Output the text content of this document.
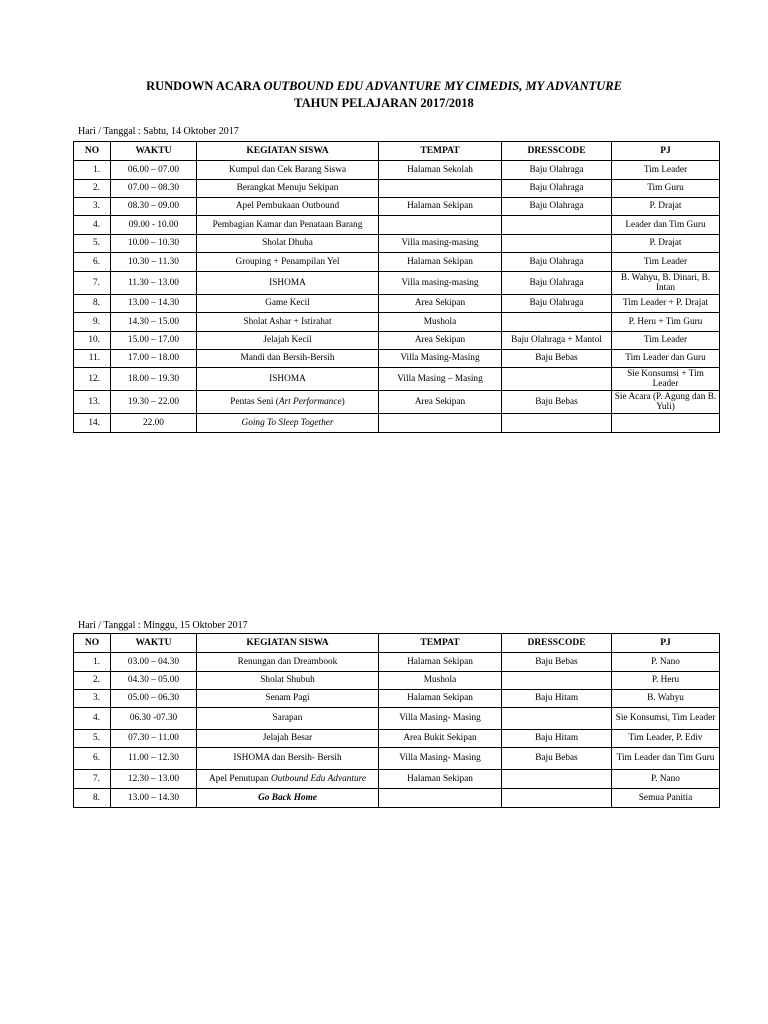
RUNDOWN ACARA OUTBOUND EDU ADVANTURE MY CIMEDIS, MY ADVANTURE
TAHUN PELAJARAN 2017/2018
Hari / Tanggal : Sabtu, 14 Oktober 2017
NO	WAKTU	KEGIATAN SISWA	TEMPAT	DRESSCODE	PJ
1.	06.00 – 07.00	Kumpul dan Cek Barang Siswa	Halaman Sekolah	Baju Olahraga	Tim Leader
2.	07.00 – 08.30	Berangkat Menuju Sekipan		Baju Olahraga	Tim Guru
3.	08.30 – 09.00	Apel Pembukaan Outbound	Halaman Sekipan	Baju Olahraga	P. Drajat
4.	09.00 - 10.00	Pembagian Kamar dan Penataan Barang			Leader dan Tim Guru
5.	10.00 – 10.30	Sholat Dhuha	Villa masing-masing		P. Drajat
6.	10.30 – 11.30	Grouping + Penampilan Yel	Halaman Sekipan	Baju Olahraga	Tim Leader
7.	11.30 – 13.00	ISHOMA	Villa masing-masing	Baju Olahraga	B. Wahyu, B. Dinari, B. Intan
8.	13.00 – 14.30	Game Kecil	Area Sekipan	Baju Olahraga	Tim Leader + P. Drajat
9.	14.30 – 15.00	Sholat Ashar + Istirahat	Mushola		P. Heru + Tim Guru
10.	15.00 – 17.00	Jelajah Kecil	Area Sekipan	Baju Olahraga + Mantol	Tim Leader
11.	17.00 – 18.00	Mandi dan Bersih-Bersih	Villa Masing-Masing	Baju Bebas	Tim Leader dan Guru
12.	18.00 – 19.30	ISHOMA	Villa Masing – Masing		Sie Konsumsi + Tim Leader
13.	19.30 – 22.00	Pentas Seni (Art Performance)	Area Sekipan	Baju Bebas	Sie Acara (P. Agung dan B. Yuli)
14.	22.00	Going To Sleep Together			
Hari / Tanggal : Minggu, 15 Oktober 2017
NO	WAKTU	KEGIATAN SISWA	TEMPAT	DRESSCODE	PJ
1.	03.00 – 04.30	Renungan dan Dreambook	Halaman Sekipan	Baju Bebas	P. Nano
2.	04.30 – 05.00	Sholat Shubuh	Mushola		P. Heru
3.	05.00 – 06.30	Senam Pagi	Halaman Sekipan	Baju Hitam	B. Wahyu
4.	06.30 -07.30	Sarapan	Villa Masing- Masing		Sie Konsumsi, Tim Leader
5.	07.30 – 11.00	Jelajah Besar	Area Bukit Sekipan	Baju Hitam	Tim Leader, P. Ediv
6.	11.00 – 12.30	ISHOMA dan Bersih- Bersih	Villa Masing- Masing	Baju Bebas	Tim Leader dan Tim Guru
7.	12.30 – 13.00	Apel Penutupan Outbound Edu Advanture	Halaman Sekipan		P. Nano
8.	13.00 – 14.30	Go Back Home			Semua Panitia
